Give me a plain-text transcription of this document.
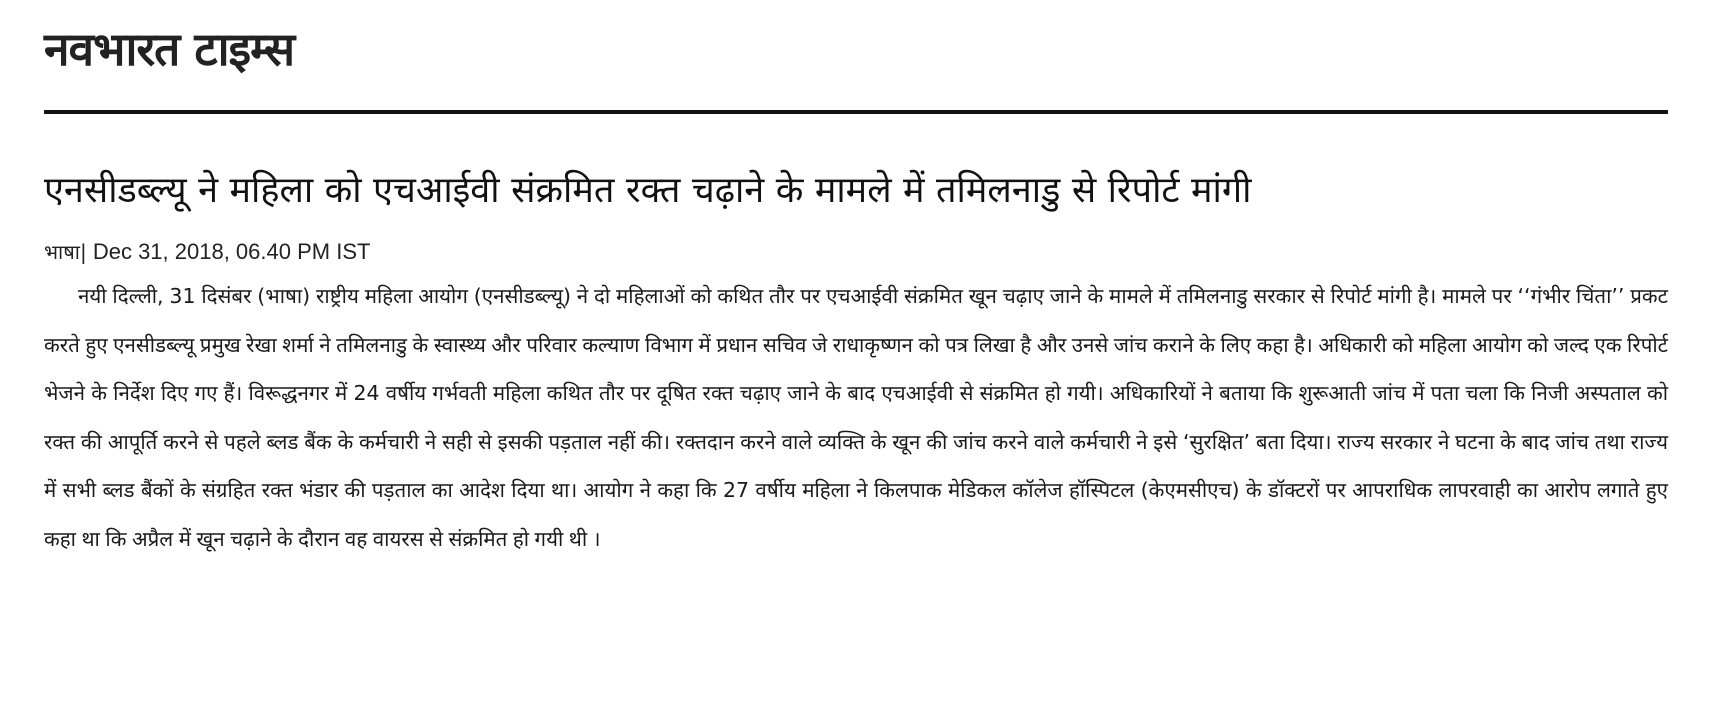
नवभारत टाइम्स
एनसीडब्ल्यू ने महिला को एचआईवी संक्रमित रक्त चढ़ाने के मामले में तमिलनाडु से रिपोर्ट मांगी
भाषा| Dec 31, 2018, 06.40 PM IST

नयी दिल्ली, 31 दिसंबर (भाषा) राष्ट्रीय महिला आयोग (एनसीडब्ल्यू) ने दो महिलाओं को कथित तौर पर एचआईवी संक्रमित खून चढ़ाए जाने के मामले में तमिलनाडु सरकार से रिपोर्ट मांगी है। मामले पर ‘‘गंभीर चिंता’’ प्रकट करते हुए एनसीडब्ल्यू प्रमुख रेखा शर्मा ने तमिलनाडु के स्वास्थ्य और परिवार कल्याण विभाग में प्रधान सचिव जे राधाकृष्णन को पत्र लिखा है और उनसे जांच कराने के लिए कहा है। अधिकारी को महिला आयोग को जल्द एक रिपोर्ट भेजने के निर्देश दिए गए हैं। विरूद्धनगर में 24 वर्षीय गर्भवती महिला कथित तौर पर दूषित रक्त चढ़ाए जाने के बाद एचआईवी से संक्रमित हो गयी। अधिकारियों ने बताया कि शुरूआती जांच में पता चला कि निजी अस्पताल को रक्त की आपूर्ति करने से पहले ब्लड बैंक के कर्मचारी ने सही से इसकी पड़ताल नहीं की। रक्तदान करने वाले व्यक्ति के खून की जांच करने वाले कर्मचारी ने इसे ‘सुरक्षित’ बता दिया। राज्य सरकार ने घटना के बाद जांच तथा राज्य में सभी ब्लड बैंकों के संग्रहित रक्त भंडार की पड़ताल का आदेश दिया था। आयोग ने कहा कि 27 वर्षीय महिला ने किलपाक मेडिकल कॉलेज हॉस्पिटल (केएमसीएच) के डॉक्टरों पर आपराधिक लापरवाही का आरोप लगाते हुए कहा था कि अप्रैल में खून चढ़ाने के दौरान वह वायरस से संक्रमित हो गयी थी ।
